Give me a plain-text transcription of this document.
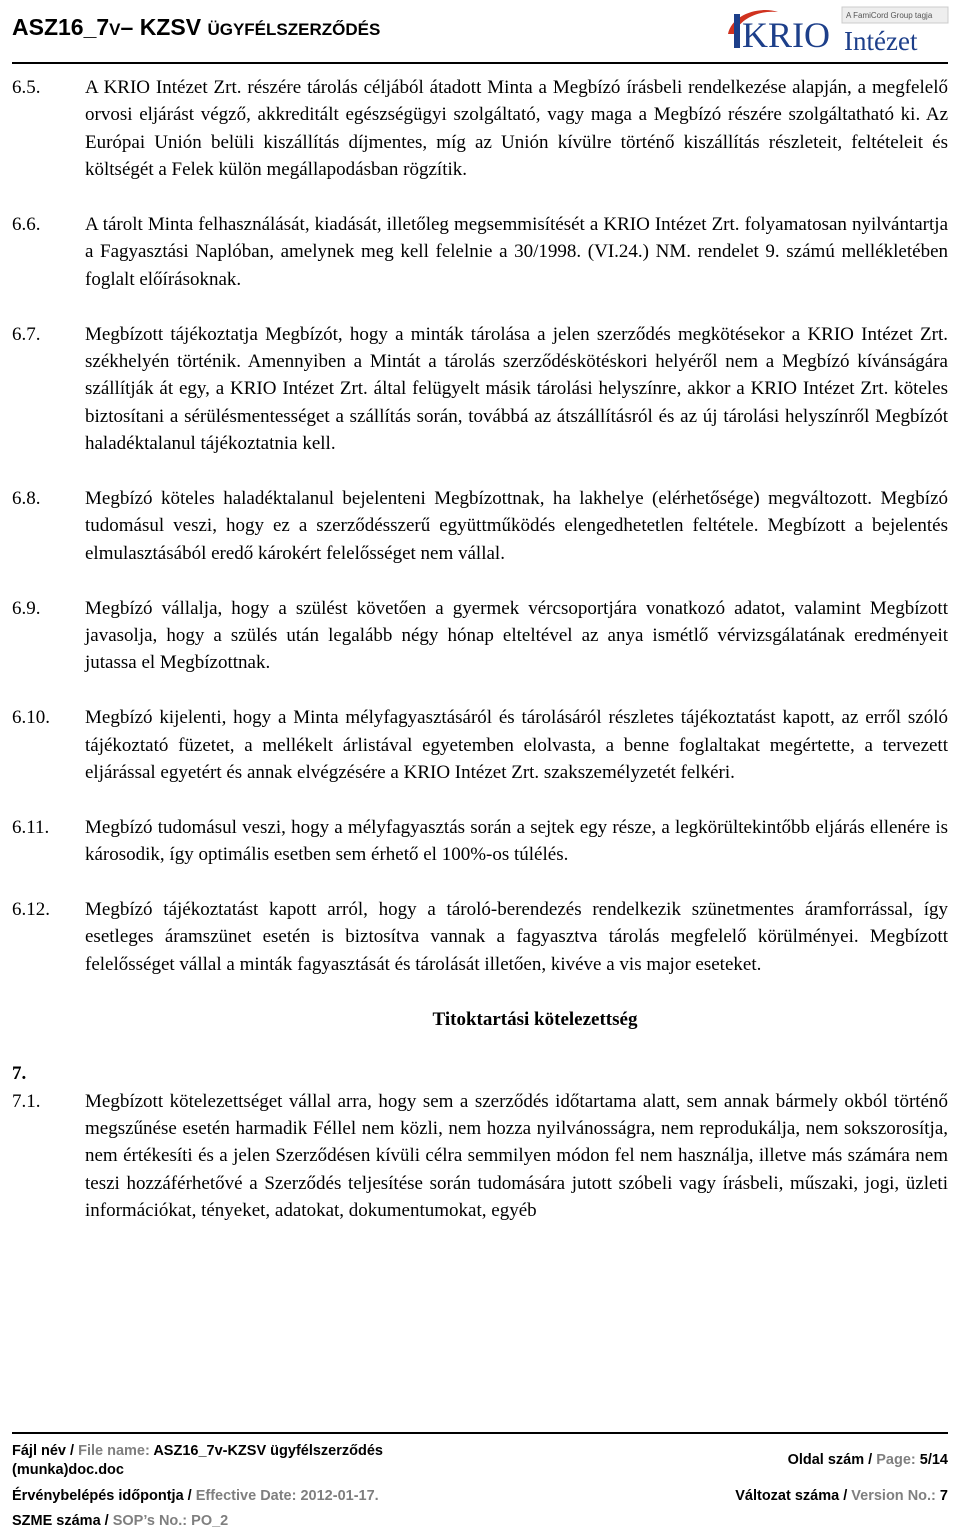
ASZ16_7V– KZSV ÜGYFÉLSZERZŐDÉS	KRIO A FamiCord Group tagja
Intézet
6.5.	A KRIO Intézet Zrt. részére tárolás céljából átadott Minta a Megbízó írásbeli rendelkezése alapján, a megfelelő orvosi eljárást végző, akkreditált egészségügyi szolgáltató, vagy maga a Megbízó részére szolgáltatható ki. Az Európai Unión belüli kiszállítás díjmentes, míg az Unión kívülre történő kiszállítás részleteit, feltételeit és költségét a Felek külön megállapodásban rögzítik.
6.6.	A tárolt Minta felhasználását, kiadását, illetőleg megsemmisítését a KRIO Intézet Zrt. folyamatosan nyilvántartja a Fagyasztási Naplóban, amelynek meg kell felelnie a 30/1998. (VI.24.) NM. rendelet 9. számú mellékletében foglalt előírásoknak.
6.7.	Megbízott tájékoztatja Megbízót, hogy a minták tárolása a jelen szerződés megkötésekor a KRIO Intézet Zrt. székhelyén történik. Amennyiben a Mintát a tárolás szerződéskötéskori helyéről nem a Megbízó kívánságára szállítják át egy, a KRIO Intézet Zrt. által felügyelt másik tárolási helyszínre, akkor a KRIO Intézet Zrt. köteles biztosítani a sérülésmentességet a szállítás során, továbbá az átszállításról és az új tárolási helyszínről Megbízót haladéktalanul tájékoztatnia kell.
6.8.	Megbízó köteles haladéktalanul bejelenteni Megbízottnak, ha lakhelye (elérhetősége) megváltozott. Megbízó tudomásul veszi, hogy ez a szerződésszerű együttműködés elengedhetetlen feltétele. Megbízott a bejelentés elmulasztásából eredő károkért felelősséget nem vállal.
6.9.	Megbízó vállalja, hogy a szülést követően a gyermek vércsoportjára vonatkozó adatot, valamint Megbízott javasolja, hogy a szülés után legalább négy hónap elteltével az anya ismétlő vérvizsgálatának eredményeit jutassa el Megbízottnak.
6.10.	Megbízó kijelenti, hogy a Minta mélyfagyasztásáról és tárolásáról részletes tájékoztatást kapott, az erről szóló tájékoztató füzetet, a mellékelt árlistával egyetemben elolvasta, a benne foglaltakat megértette, a tervezett eljárással egyetért és annak elvégzésére a KRIO Intézet Zrt. szakszemélyzetét felkéri.
6.11.	Megbízó tudomásul veszi, hogy a mélyfagyasztás során a sejtek egy része, a legkörültekintőbb eljárás ellenére is károsodik, így optimális esetben sem érhető el 100%-os túlélés.
6.12.	Megbízó tájékoztatást kapott arról, hogy a tároló-berendezés rendelkezik szünetmentes áramforrással, így esetleges áramszünet esetén is biztosítva vannak a fagyasztva tárolás megfelelő körülményei. Megbízott felelősséget vállal a minták fagyasztását és tárolását illetően, kivéve a vis major eseteket.
Titoktartási kötelezettség
7.
7.1.	Megbízott kötelezettséget vállal arra, hogy sem a szerződés időtartama alatt, sem annak bármely okból történő megszűnése esetén harmadik Féllel nem közli, nem hozza nyilvánosságra, nem reprodukálja, nem sokszorosítja, nem értékesíti és a jelen Szerződésen kívüli célra semmilyen módon fel nem használja, illetve más számára nem teszi hozzáférhetővé a Szerződés teljesítése során tudomására jutott szóbeli vagy írásbeli, műszaki, jogi, üzleti információkat, tényeket, adatokat, dokumentumokat, egyéb
Fájl név / File name: ASZ16_7v-KZSV ügyfélszerződés (munka)doc.doc
Oldal szám / Page: 5/14
Érvénybelépés időpontja / Effective Date: 2012-01-17.	Változat száma / Version No.: 7
SZME száma / SOP’s No.: PO_2
